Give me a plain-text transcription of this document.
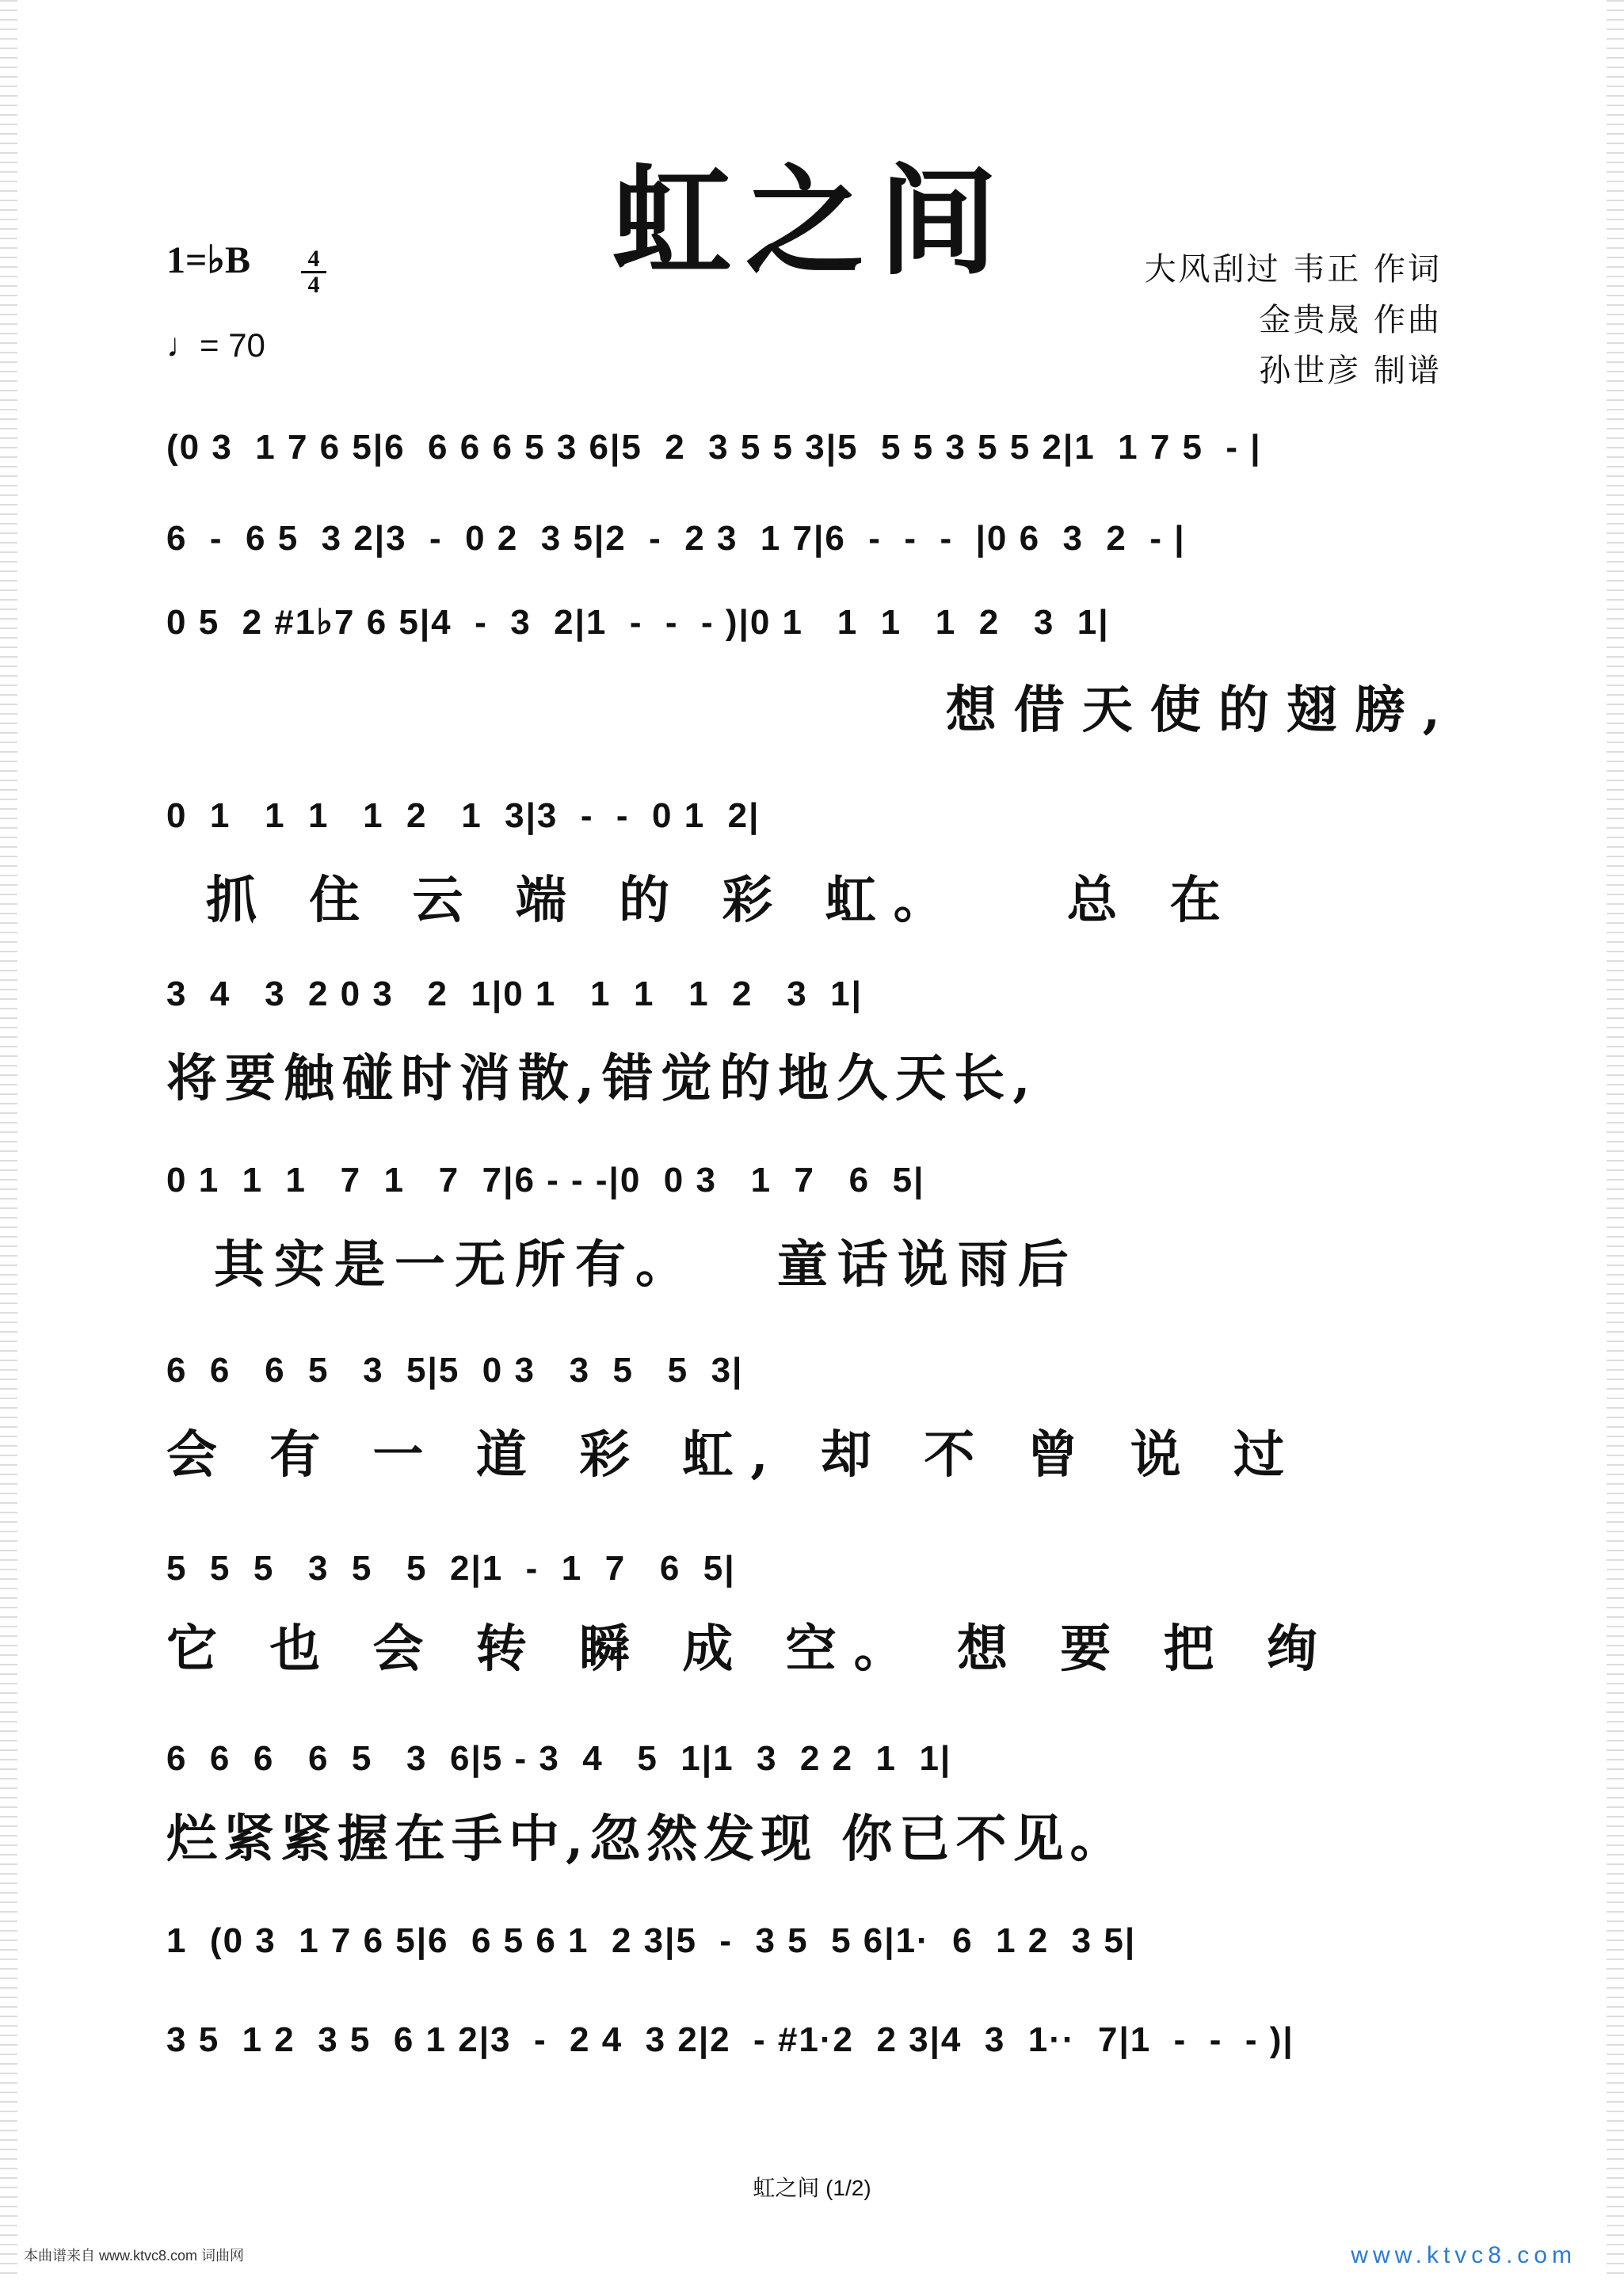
虹之间
1=♭B 4
4
♩= 70
大风刮过 韦正 作词
金贵晟 作曲
孙世彦 制谱
(0 3  1 7 6 5|6  6 6 6 5 3 6|5  2  3 5 5 3|5  5 5 3 5 5 2|1  1 7 5  - |
6  -  6 5  3 2|3  -  0 2  3 5|2  -  2 3  1 7|6  -  -  -  |0 6  3  2  - |
0 5  2 #1♭7 6 5|4  -  3  2|1  -  -  - )|0 1   1  1   1  2   3  1|
想借天使的翅膀,
0  1   1  1   1  2   1  3|3  -  -  0 1  2|
抓 住 云 端 的 彩 虹。   总 在
3  4   3  2 0 3   2  1|0 1   1  1   1  2   3  1|
将要触碰时消散,错觉的地久天长,
0 1  1  1   7  1   7  7|6 - - -|0  0 3   1  7   6  5|
其实是一无所有。   童话说雨后
6  6   6  5   3  5|5  0 3   3  5   5  3|
会 有 一 道 彩 虹, 却 不 曾 说 过
5  5  5   3  5   5  2|1  -  1  7   6  5|
它 也 会 转 瞬 成 空。 想 要 把 绚
6  6  6   6  5   3  6|5 - 3  4   5  1|1  3  2 2  1  1|
烂紧紧握在手中,忽然发现 你已不见。
1  (0 3  1 7 6 5|6  6 5 6 1  2 3|5  -  3 5  5 6|1·  6  1 2  3 5|
3 5  1 2  3 5  6 1 2|3  -  2 4  3 2|2  - #1·2  2 3|4  3  1··  7|1  -  -  - )|
虹之间 (1/2)
本曲谱来自 www.ktvc8.com 词曲网	www.ktvc8.com
